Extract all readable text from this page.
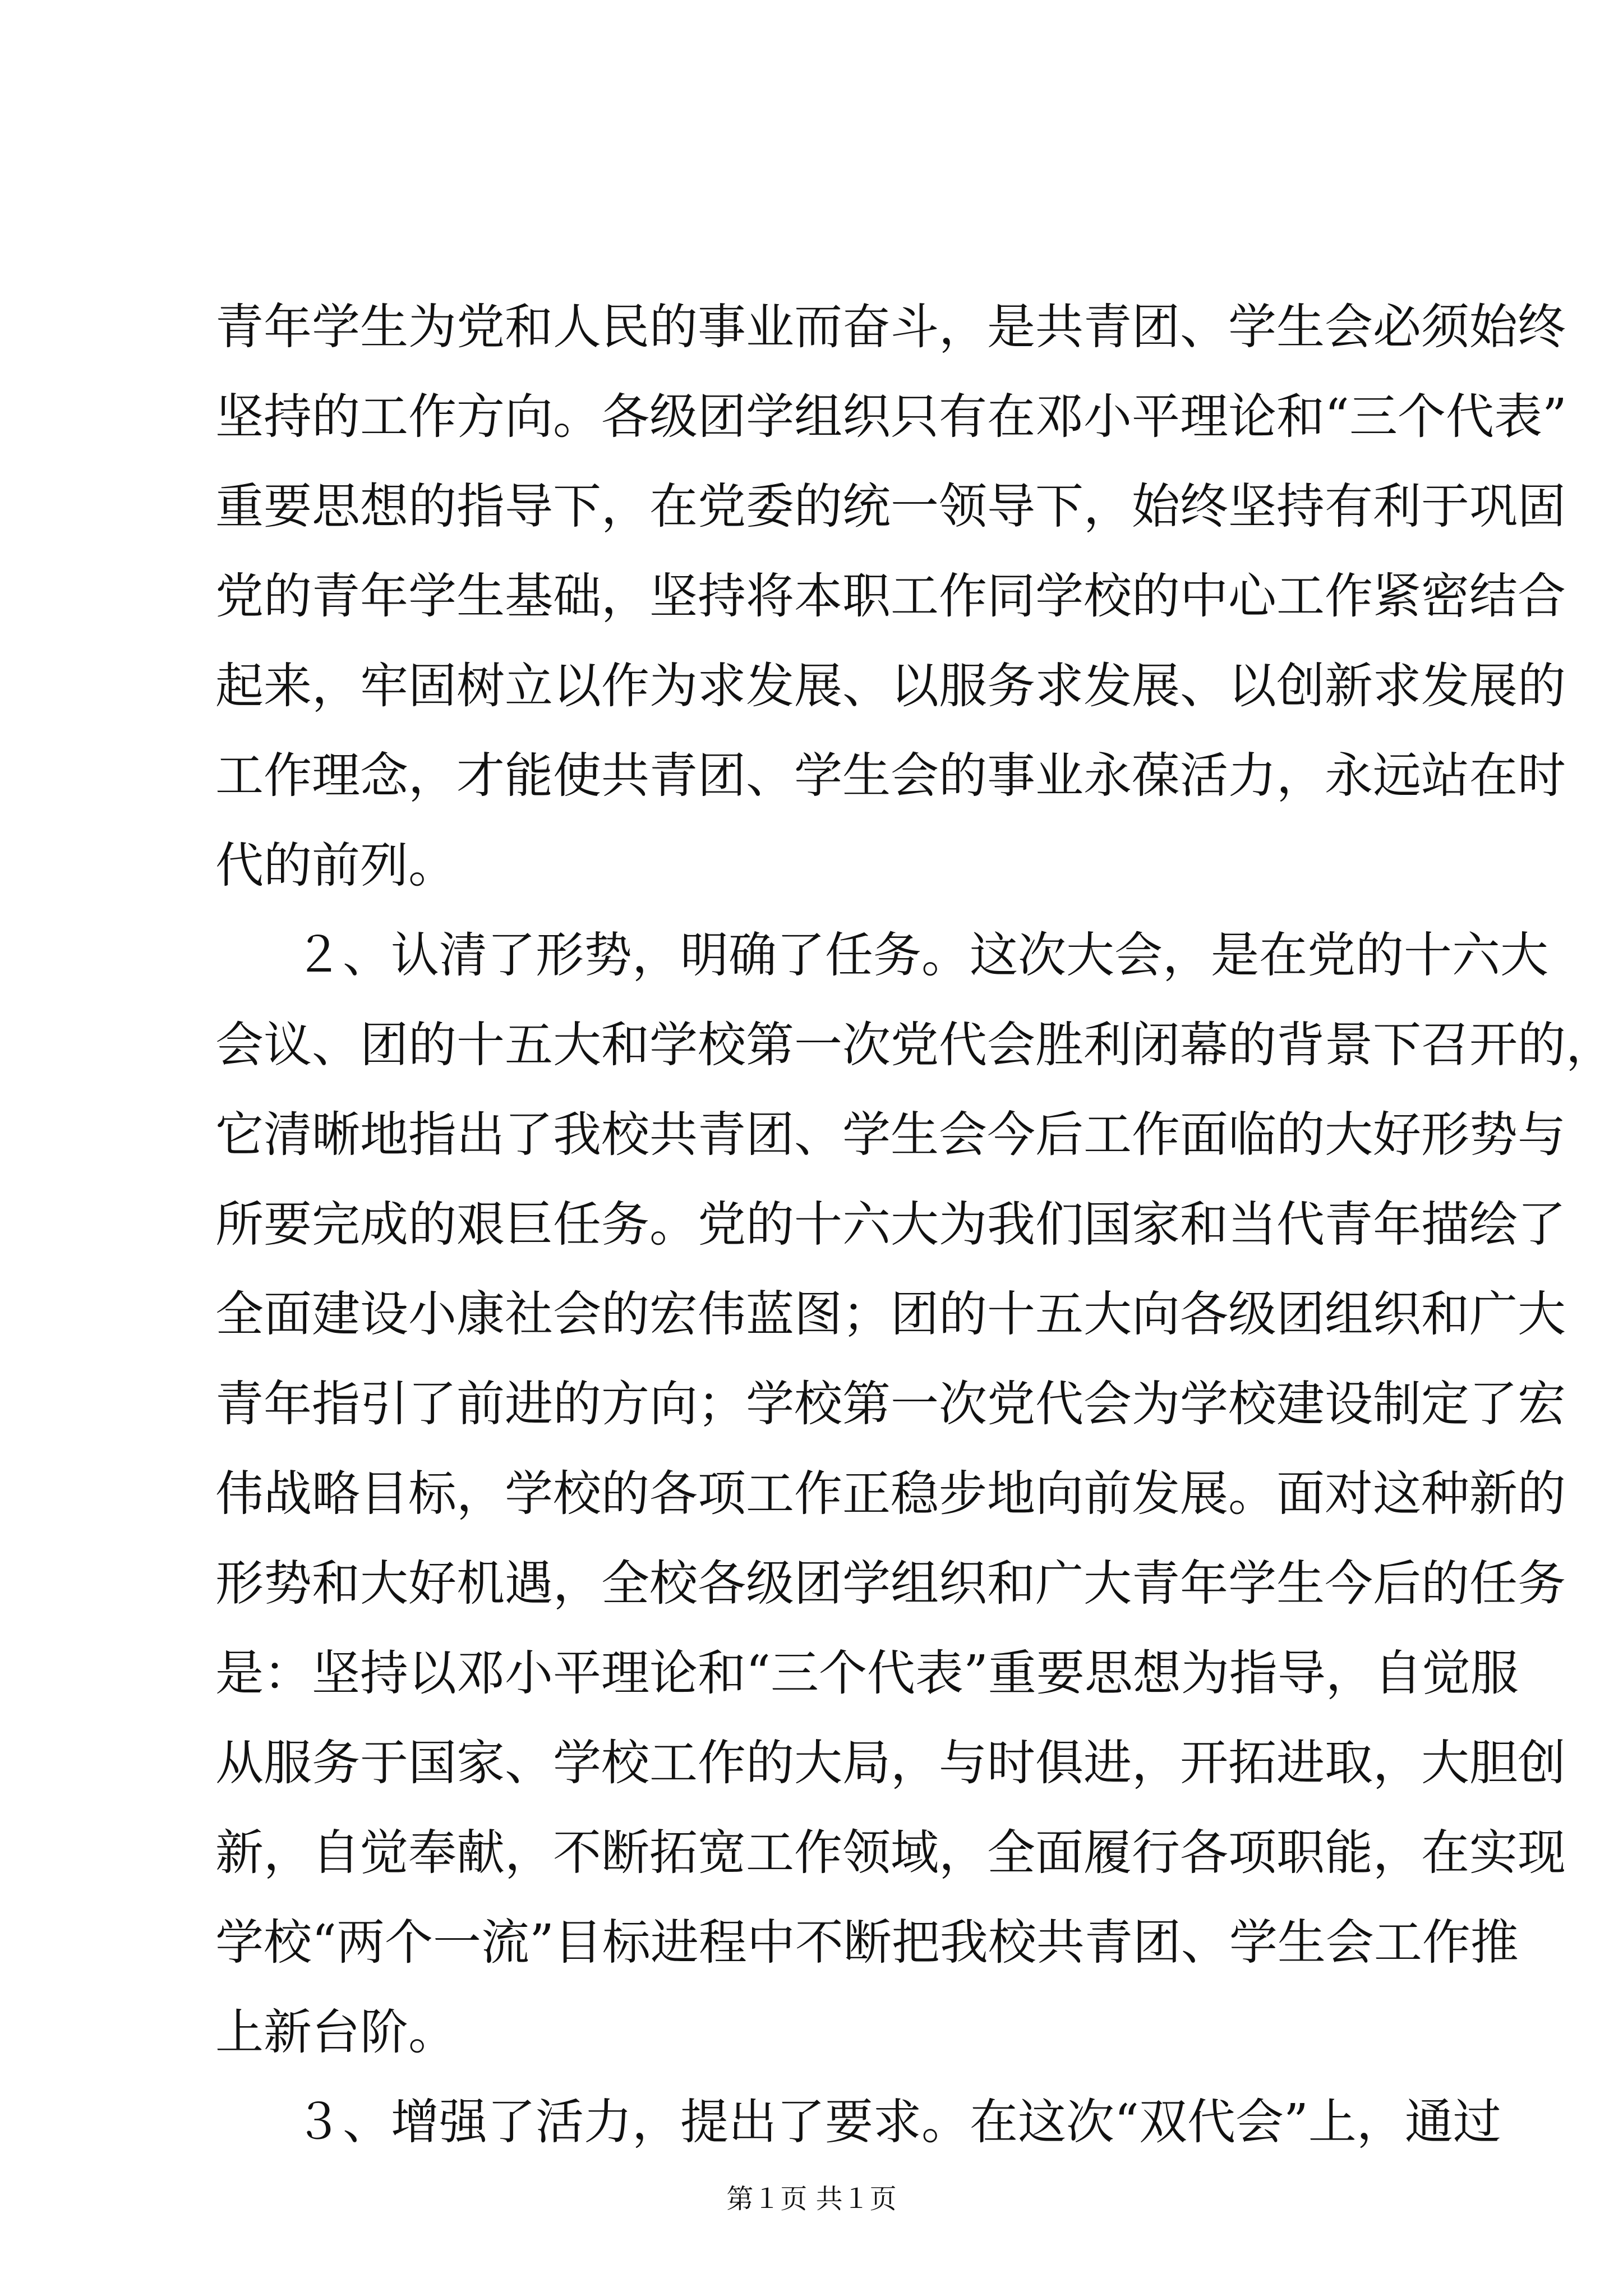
青年学生为党和人民的事业而奋斗，是共青团、学生会必须始终
坚持的工作方向。各级团学组织只有在邓小平理论和“三个代表”
重要思想的指导下，在党委的统一领导下，始终坚持有利于巩固
党的青年学生基础，坚持将本职工作同学校的中心工作紧密结合
起来，牢固树立以作为求发展、以服务求发展、以创新求发展的
工作理念，才能使共青团、学生会的事业永葆活力，永远站在时
代的前列。
２、认清了形势，明确了任务。这次大会，是在党的十六大
会议、团的十五大和学校第一次党代会胜利闭幕的背景下召开的，
它清晰地指出了我校共青团、学生会今后工作面临的大好形势与
所要完成的艰巨任务。党的十六大为我们国家和当代青年描绘了
全面建设小康社会的宏伟蓝图；团的十五大向各级团组织和广大
青年指引了前进的方向；学校第一次党代会为学校建设制定了宏
伟战略目标，学校的各项工作正稳步地向前发展。面对这种新的
形势和大好机遇，全校各级团学组织和广大青年学生今后的任务
是：坚持以邓小平理论和“三个代表”重要思想为指导，自觉服
从服务于国家、学校工作的大局，与时俱进，开拓进取，大胆创
新，自觉奉献，不断拓宽工作领域，全面履行各项职能，在实现
学校“两个一流”目标进程中不断把我校共青团、学生会工作推
上新台阶。
３、增强了活力，提出了要求。在这次“双代会”上，通过
第１页 共１页
